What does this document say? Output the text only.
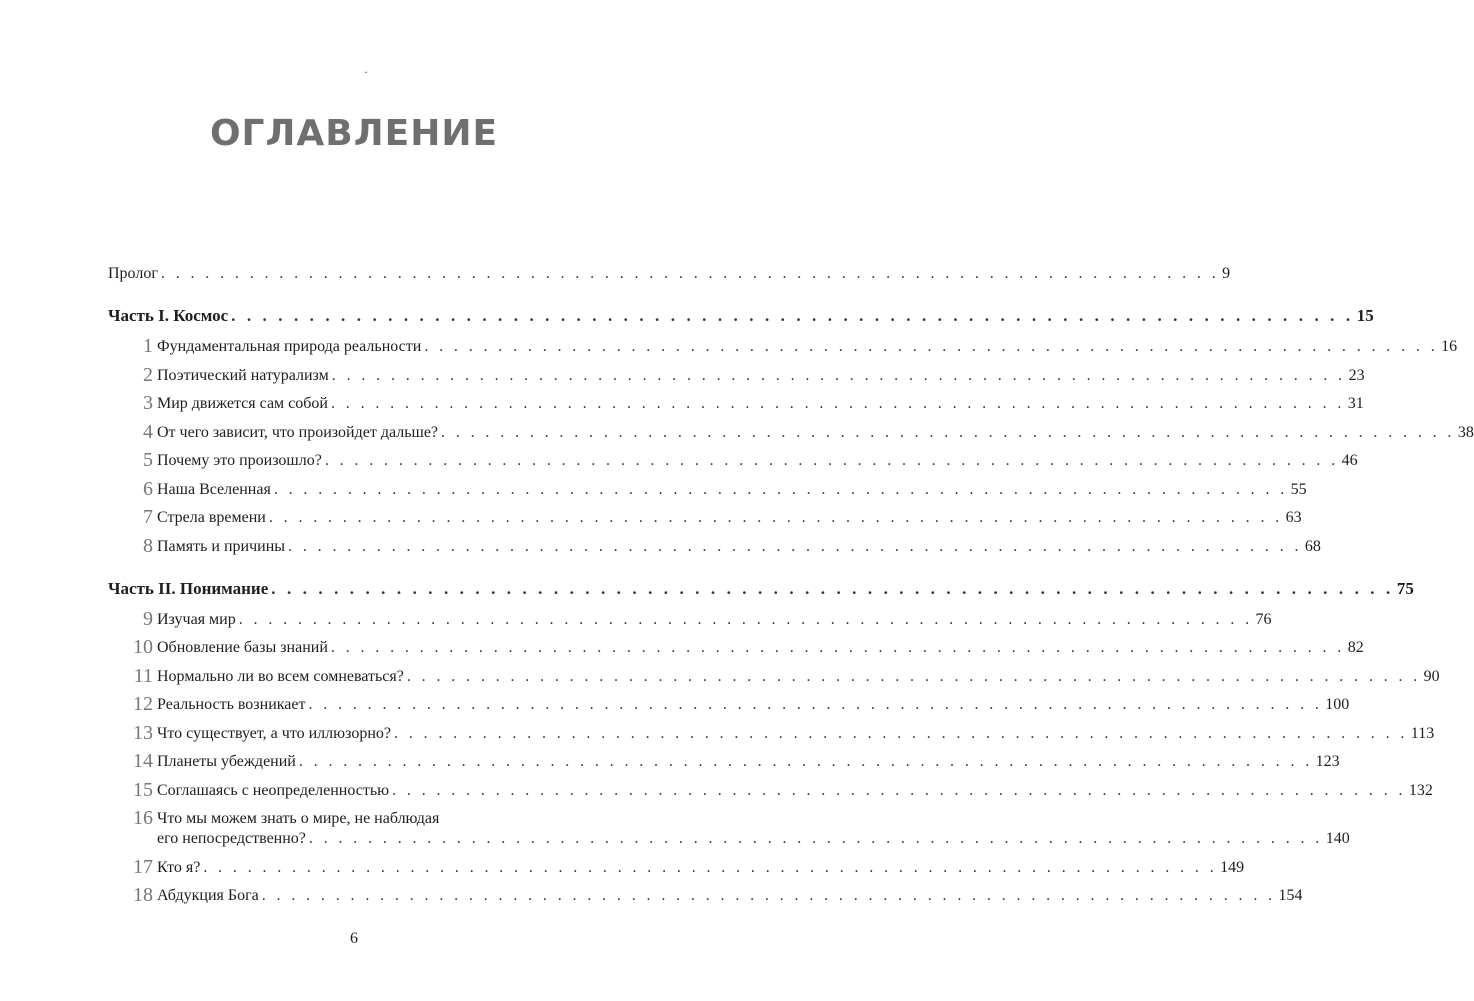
·
ОГЛАВЛЕНИЕ
Пролог . . . . . . . . . . . . . . . . . . . . . . . . . . . . . . . . . . . . . . . . . . . . . . . . . . . . . . . . . . . . . . . . . . . . . . . . 9
Часть I. Космос . . . . . . . . . . . . . . . . . . . . . . . . . . . . . . . . . . . . . . . . . . . . . . . . . . . . . . . . . . . . . . . . . . . . . . . . 15
1 Фундаментальная природа реальности . . . . . . . . . . . . . . . . . . . . . . . . . . . . . . . . . . . . . . . . . . . . . . . . . . . . . . . . . . . . . . . . . . . . . 16
2 Поэтический натурализм . . . . . . . . . . . . . . . . . . . . . . . . . . . . . . . . . . . . . . . . . . . . . . . . . . . . . . . . . . . . . . . . . . . . . 23
3 Мир движется сам собой . . . . . . . . . . . . . . . . . . . . . . . . . . . . . . . . . . . . . . . . . . . . . . . . . . . . . . . . . . . . . . . . . . . . . 31
4 От чего зависит, что произойдет дальше? . . . . . . . . . . . . . . . . . . . . . . . . . . . . . . . . . . . . . . . . . . . . . . . . . . . . . . . . . . . . . . . . . . . . . 38
5 Почему это произошло? . . . . . . . . . . . . . . . . . . . . . . . . . . . . . . . . . . . . . . . . . . . . . . . . . . . . . . . . . . . . . . . . . . . . . 46
6 Наша Вселенная . . . . . . . . . . . . . . . . . . . . . . . . . . . . . . . . . . . . . . . . . . . . . . . . . . . . . . . . . . . . . . . . . . . . . 55
7 Стрела времени . . . . . . . . . . . . . . . . . . . . . . . . . . . . . . . . . . . . . . . . . . . . . . . . . . . . . . . . . . . . . . . . . . . . . 63
8 Память и причины . . . . . . . . . . . . . . . . . . . . . . . . . . . . . . . . . . . . . . . . . . . . . . . . . . . . . . . . . . . . . . . . . . . . . 68
Часть II. Понимание . . . . . . . . . . . . . . . . . . . . . . . . . . . . . . . . . . . . . . . . . . . . . . . . . . . . . . . . . . . . . . . . . . . . . . . . 75
9 Изучая мир . . . . . . . . . . . . . . . . . . . . . . . . . . . . . . . . . . . . . . . . . . . . . . . . . . . . . . . . . . . . . . . . . . . . . 76
10 Обновление базы знаний . . . . . . . . . . . . . . . . . . . . . . . . . . . . . . . . . . . . . . . . . . . . . . . . . . . . . . . . . . . . . . . . . . . . . 82
11 Нормально ли во всем сомневаться? . . . . . . . . . . . . . . . . . . . . . . . . . . . . . . . . . . . . . . . . . . . . . . . . . . . . . . . . . . . . . . . . . . . . . 90
12 Реальность возникает . . . . . . . . . . . . . . . . . . . . . . . . . . . . . . . . . . . . . . . . . . . . . . . . . . . . . . . . . . . . . . . . . . . . . 100
13 Что существует, а что иллюзорно? . . . . . . . . . . . . . . . . . . . . . . . . . . . . . . . . . . . . . . . . . . . . . . . . . . . . . . . . . . . . . . . . . . . . . 113
14 Планеты убеждений . . . . . . . . . . . . . . . . . . . . . . . . . . . . . . . . . . . . . . . . . . . . . . . . . . . . . . . . . . . . . . . . . . . . . 123
15 Соглашаясь с неопределенностью . . . . . . . . . . . . . . . . . . . . . . . . . . . . . . . . . . . . . . . . . . . . . . . . . . . . . . . . . . . . . . . . . . . . . 132
16 Что мы можем знать о мире, не наблюдая
его непосредственно? . . . . . . . . . . . . . . . . . . . . . . . . . . . . . . . . . . . . . . . . . . . . . . . . . . . . . . . . . . . . . . . . . . . . . 140
17 Кто я? . . . . . . . . . . . . . . . . . . . . . . . . . . . . . . . . . . . . . . . . . . . . . . . . . . . . . . . . . . . . . . . . . . . . . 149
18 Абдукция Бога . . . . . . . . . . . . . . . . . . . . . . . . . . . . . . . . . . . . . . . . . . . . . . . . . . . . . . . . . . . . . . . . . . . . . 154
6
